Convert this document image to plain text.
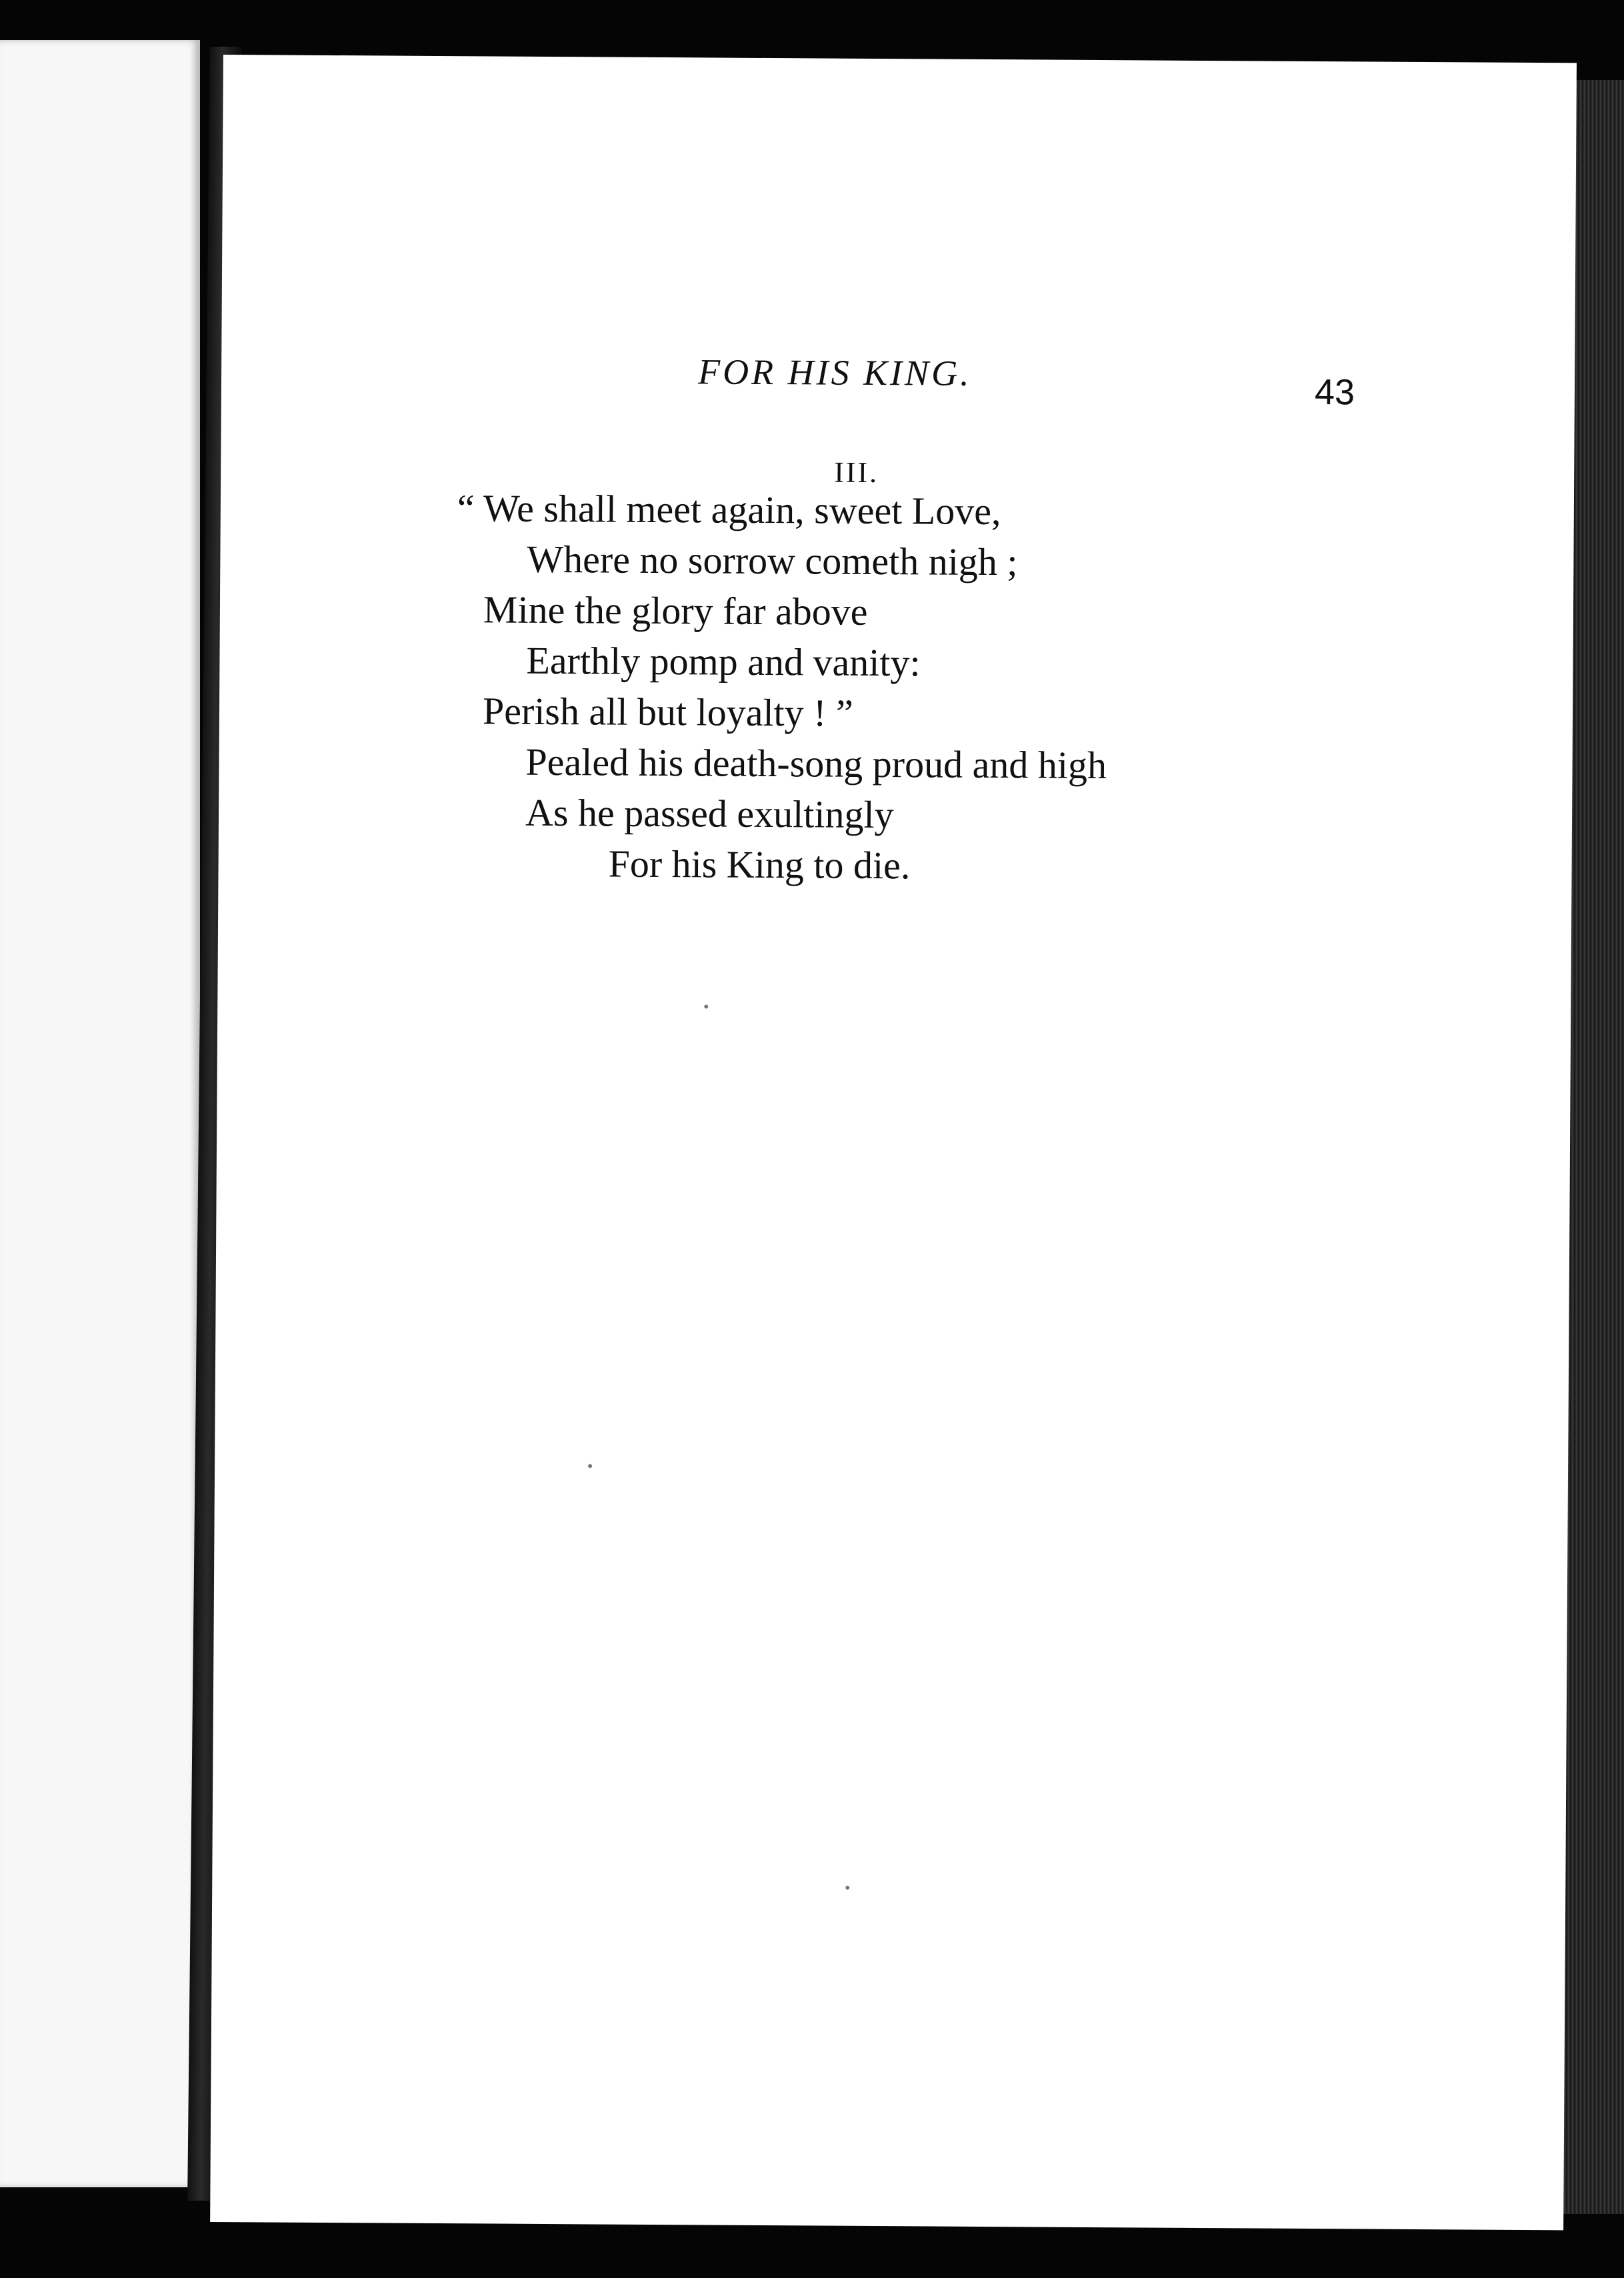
FOR HIS KING.	43
III.
“ We shall meet again, sweet Love,
Where no sorrow cometh nigh ;
Mine the glory far above
Earthly pomp and vanity:
Perish all but loyalty ! ”
Pealed his death-song proud and high
As he passed exultingly
For his King to die.
